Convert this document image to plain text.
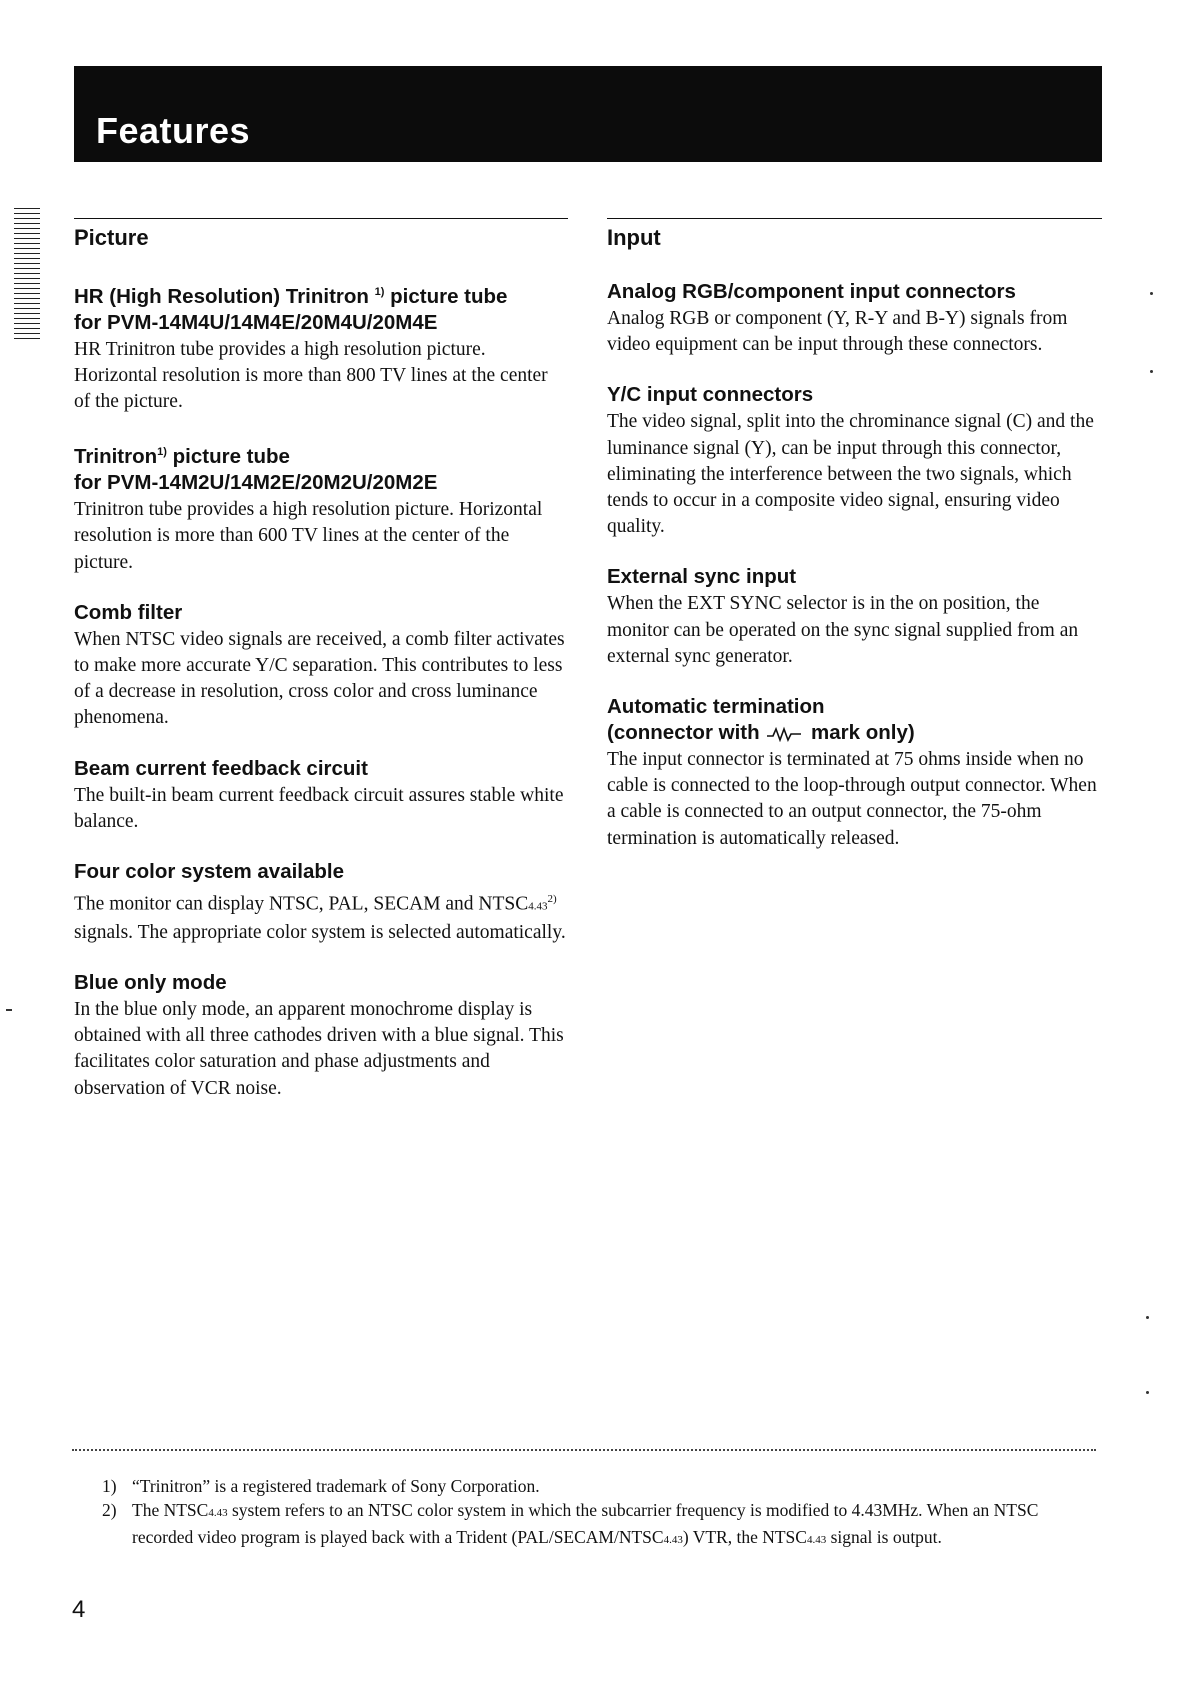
Features
Picture
HR (High Resolution) Trinitron $^{1)}$ picture tube
for PVM-14M4U/14M4E/20M4U/20M4E
HR Trinitron tube provides a high resolution picture. Horizontal resolution is more than 800 TV lines at the center of the picture.
Trinitron$^{1)}$ picture tube
for PVM-14M2U/14M2E/20M2U/20M2E
Trinitron tube provides a high resolution picture. Horizontal resolution is more than 600 TV lines at the center of the picture.
Comb filter
When NTSC video signals are received, a comb filter activates to make more accurate Y/C separation. This contributes to less of a decrease in resolution, cross color and cross luminance phenomena.
Beam current feedback circuit
The built-in beam current feedback circuit assures stable white balance.
Four color system available
The monitor can display NTSC, PAL, SECAM and NTSC4.43$^{2)}$ signals. The appropriate color system is selected automatically.
Blue only mode
In the blue only mode, an apparent monochrome display is obtained with all three cathodes driven with a blue signal. This facilitates color saturation and phase adjustments and observation of VCR noise.
Input
Analog RGB/component input connectors
Analog RGB or component (Y, R-Y and B-Y) signals from video equipment can be input through these connectors.
Y/C input connectors
The video signal, split into the chrominance signal (C) and the luminance signal (Y), can be input through this connector, eliminating the interference between the two signals, which tends to occur in a composite video signal, ensuring video quality.
External sync input
When the EXT SYNC selector is in the on position, the monitor can be operated on the sync signal supplied from an external sync generator.
Automatic termination
(connector with	mark only)
The input connector is terminated at 75 ohms inside when no cable is connected to the loop-through output connector. When a cable is connected to an output connector, the 75-ohm termination is automatically released.
1) “Trinitron” is a registered trademark of Sony Corporation.
2) The NTSC4.43 system refers to an NTSC color system in which the subcarrier frequency is modified to 4.43MHz. When an NTSC recorded video program is played back with a Trident (PAL/SECAM/NTSC4.43) VTR, the NTSC4.43 signal is output.
4
